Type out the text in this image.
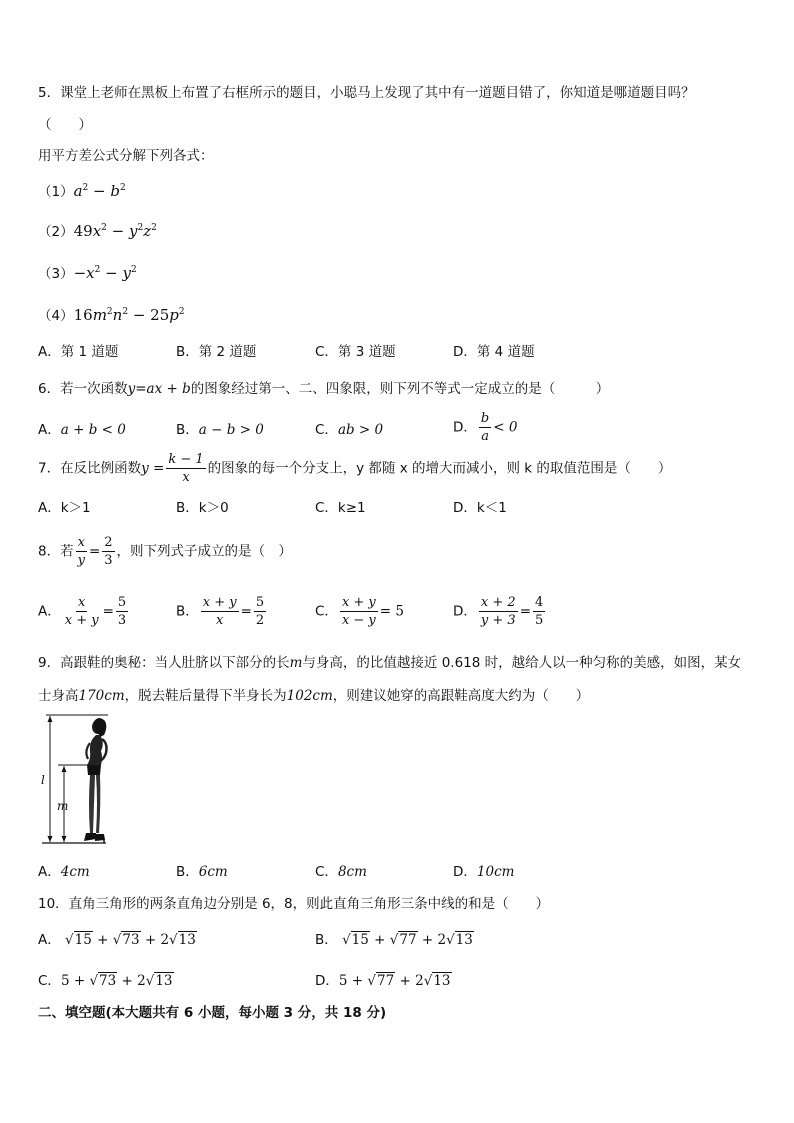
5．课堂上老师在黑板上布置了右框所示的题目，小聪马上发现了其中有一道题目错了，你知道是哪道题目吗？
（　　）
用平方差公式分解下列各式：
$(1)a^2 - b^2$
$(2)49x^2 - y^2z^2$
$(3)-x^2 - y^2$
$(4)16m^2n^2 - 25p^2$
A．第 1 道题	B．第 2 道题	C．第 3 道题	D．第 4 道题
6．若一次函数y=ax + b的图象经过第一、二、四象限，则下列不等式一定成立的是（　　　）
A．a + b < 0	B．a − b > 0	C．ab > 0	D． $\frac{b}{a} < 0$
7．在反比例函数$y = \frac{k - 1}{x}$ 的图象的每一个分支上，y 都随 x 的增大而减小，则 k 的取值范围是（　　）
A．k＞1	B．k＞0	C．k≥1	D．k＜1
8．若 $\frac{x}{y} = \frac{2}{3}$ ，则下列式子成立的是（　）
A． $\frac{x}{x + y} = \frac{5}{3}$	B． $\frac{x + y}{x} = \frac{5}{2}$	C． $\frac{x + y}{x - y} = 5$	D． $\frac{x + 2}{y + 3} = \frac{4}{5}$
9．高跟鞋的奥秘：当人肚脐以下部分的长m与身高，的比值越接近 0.618 时，越给人以一种匀称的美感，如图，某女
士身高170cm，脱去鞋后量得下半身长为102cm，则建议她穿的高跟鞋高度大约为（　　）
l
m
A．4cm	B．6cm	C．8cm	D．10cm
10．直角三角形的两条直角边分别是 6，8，则此直角三角形三条中线的和是（　　）
A． √15 + √73 + 2√13	B． √15 + √77 + 2√13
C．5 + √73 + 2√13	D．5 + √77 + 2√13
二、填空题(本大题共有 6 小题，每小题 3 分，共 18 分)
